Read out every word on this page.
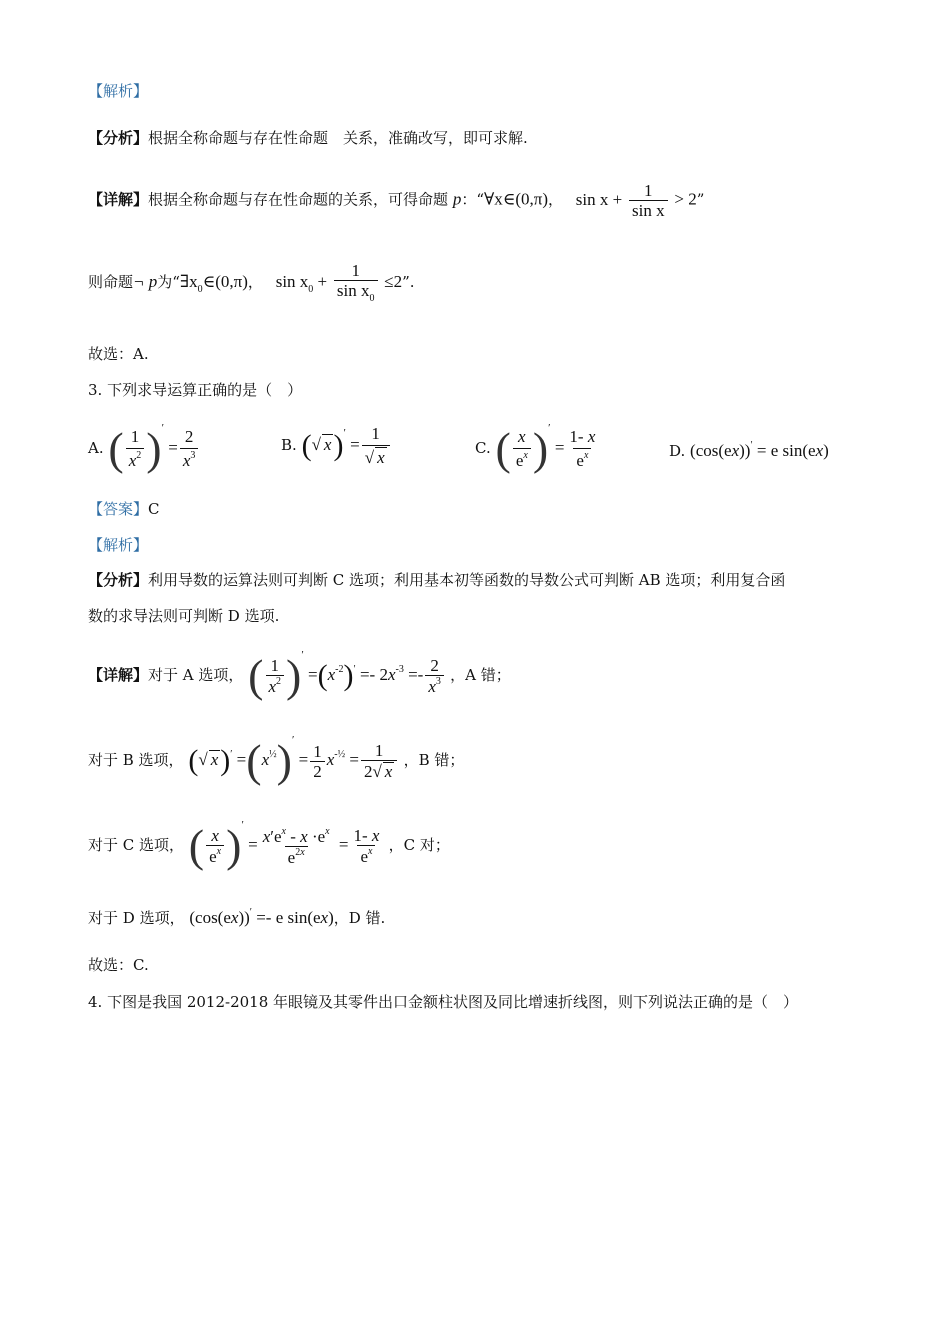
【解析】
【分析】根据全称命题与存在性命题　关系，准确改写，即可求解.
【详解】根据全称命题与存在性命题的关系，可得命题 p：“∀x∈(0,π)， $\sin x + \frac{1}{\text{sin x}} > 2$”
则命题¬ p为“$\exists x_0\in(0,\pi)$， $\sin x_0 + \frac{1}{\sin x_0} \le 2$”.
故选：A.
3. 下列求导运算正确的是（　）
A. ( $\frac{1}{x^2} )' = \frac{2}{x^3}$	B. (√ $x)' = \frac{1}{√ x}$	C. ( $\frac{x}{e^x} )' = \frac{1- x}{e^x}$	D. (cos(ex))′ = e sin(ex)
【答案】C
【解析】
【分析】利用导数的运算法则可判断 C 选项；利用基本初等函数的导数公式可判断 AB 选项；利用复合函
数的求导法则可判断 D 选项.
【详解】对于 A 选项， ( $\frac{1}{x^2} )' =(x^{-2})' =- 2x^{-3} =- \frac{2}{x^3}$ ，A 错；
对于 B 选项， (√ $x)' =(x^{\frac{1}{2}})' = \frac{1}{2} x^{-\frac{1}{2}} = \frac{1}{2√ x}$ ，B 错；
对于 C 选项， ( $\frac{x}{e^x} )' = \frac{x'e^x - x \cdot e^x}{e^{2x}} = \frac{1- x}{e^x}$ ，C 对；
对于 D 选项， (cos(ex))′ =- e sin(ex)，D 错.
故选：C.
4. 下图是我国 2012-2018 年眼镜及其零件出口金额柱状图及同比增速折线图，则下列说法正确的是（　）
